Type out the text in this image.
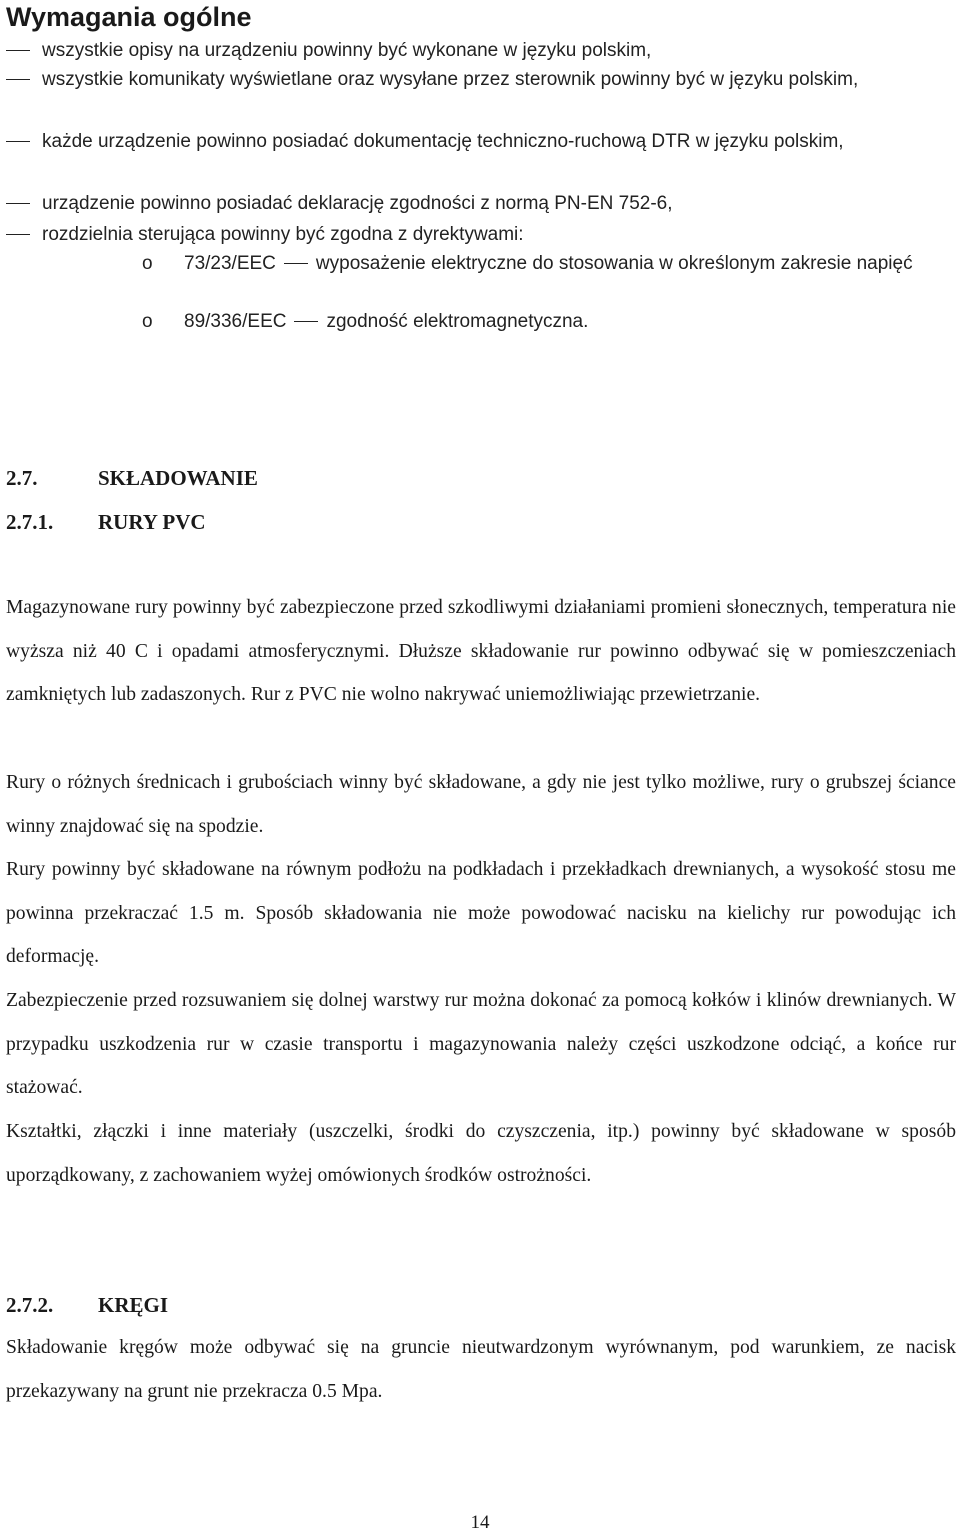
Wymagania ogólne
wszystkie opisy na urządzeniu powinny być wykonane w języku polskim,
wszystkie komunikaty wyświetlane oraz wysyłane przez sterownik powinny być w języku polskim,
każde urządzenie powinno posiadać dokumentację techniczno-ruchową DTR w języku polskim,
urządzenie powinno posiadać deklarację zgodności z normą PN-EN 752-6,
rozdzielnia sterująca powinny być zgodna z dyrektywami:
o 73/23/EEC wyposażenie elektryczne do stosowania w określonym zakresie napięć
o 89/336/EEC zgodność elektromagnetyczna.
2.7.	SKŁADOWANIE
2.7.1. RURY PVC
Magazynowane rury powinny być zabezpieczone przed szkodliwymi działaniami promieni słonecznych, temperatura nie wyższa niż 40 C i opadami atmosferycznymi. Dłuższe składowanie rur powinno odbywać się w pomieszczeniach zamkniętych lub zadaszonych. Rur z PVC nie wolno nakrywać uniemożliwiając przewietrzanie.
Rury o różnych średnicach i grubościach winny być składowane, a gdy nie jest tylko możliwe, rury o grubszej ściance winny znajdować się na spodzie.
Rury powinny być składowane na równym podłożu na podkładach i przekładkach drewnianych, a wysokość stosu me powinna przekraczać 1.5 m. Sposób składowania nie może powodować nacisku na kielichy rur powodując ich deformację.
Zabezpieczenie przed rozsuwaniem się dolnej warstwy rur można dokonać za pomocą kołków i klinów drewnianych. W przypadku uszkodzenia rur w czasie transportu i magazynowania należy części uszkodzone odciąć, a końce rur stażować.
Kształtki, złączki i inne materiały (uszczelki, środki do czyszczenia, itp.) powinny być składowane w sposób uporządkowany, z zachowaniem wyżej omówionych środków ostrożności.
2.7.2. KRĘGI
Składowanie kręgów może odbywać się na gruncie nieutwardzonym wyrównanym, pod warunkiem, ze nacisk przekazywany na grunt nie przekracza 0.5 Mpa.
14
